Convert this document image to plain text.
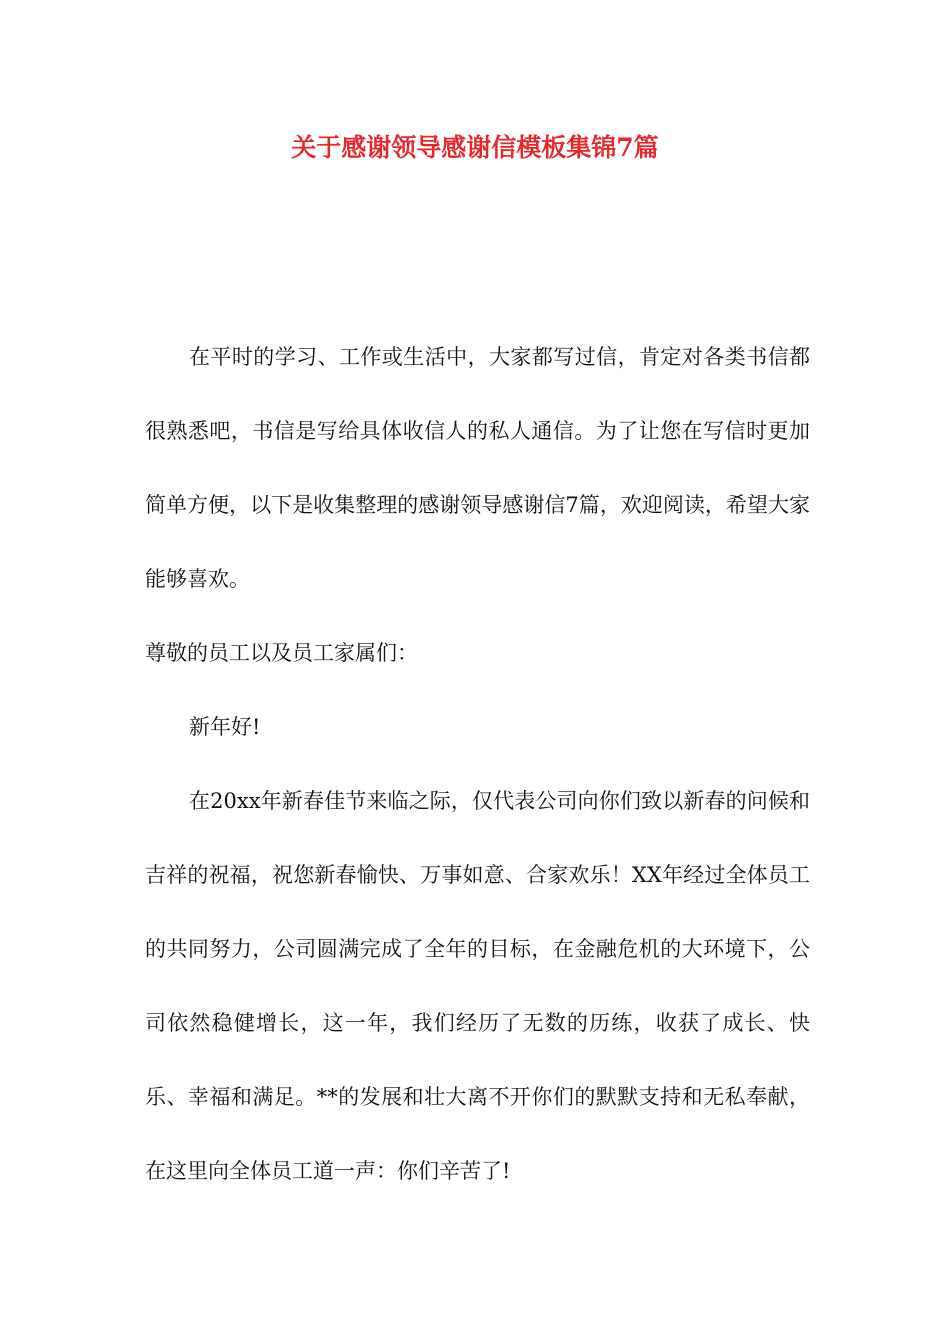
关于感谢领导感谢信模板集锦7篇

在平时的学习、工作或生活中，大家都写过信，肯定对各类书信都很熟悉吧，书信是写给具体收信人的私人通信。为了让您在写信时更加简单方便，以下是收集整理的感谢领导感谢信7篇，欢迎阅读，希望大家能够喜欢。

尊敬的员工以及员工家属们：

新年好!

在20xx年新春佳节来临之际，仅代表公司向你们致以新春的问候和吉祥的祝福，祝您新春愉快、万事如意、合家欢乐！XX年经过全体员工的共同努力，公司圆满完成了全年的目标，在金融危机的大环境下，公司依然稳健增长，这一年，我们经历了无数的历练，收获了成长、快乐、幸福和满足。**的发展和壮大离不开你们的默默支持和无私奉献，在这里向全体员工道一声：你们辛苦了!
